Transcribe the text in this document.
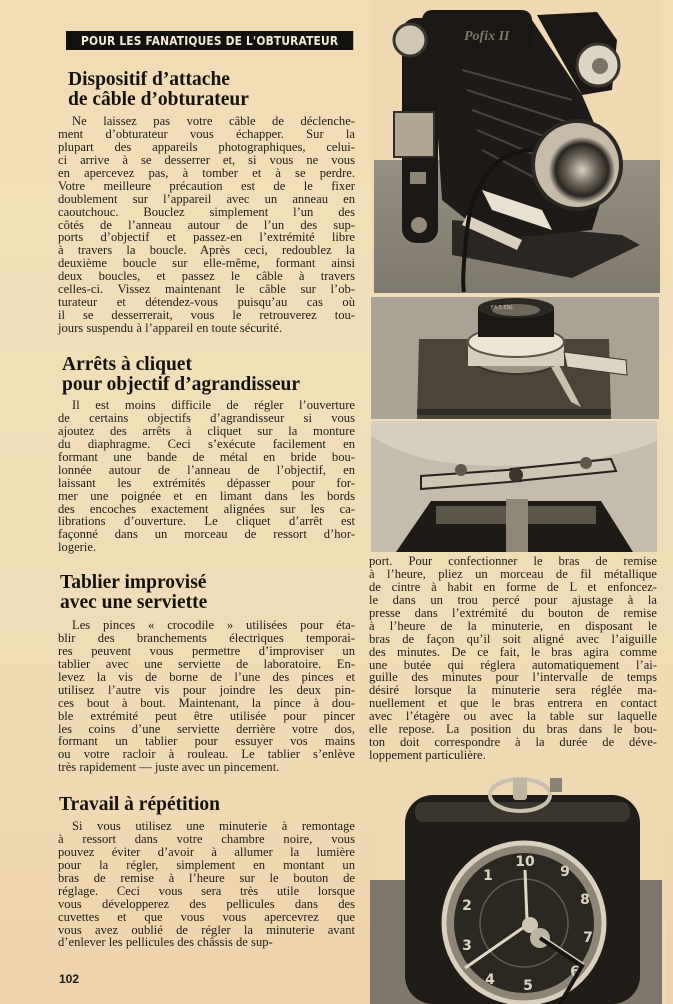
POUR LES FANATIQUES DE L'OBTURATEUR
Dispositif d’attache
de câble d’obturateur
Ne laissez pas votre câble de déclenche-
ment d’obturateur vous échapper. Sur la
plupart des appareils photographiques, celui-
ci arrive à se desserrer et, si vous ne vous
en apercevez pas, à tomber et à se perdre.
Votre meilleure précaution est de le fixer
doublement sur l’appareil avec un anneau en
caoutchouc. Bouclez simplement l’un des
côtés de l’anneau autour de l’un des sup-
ports d’objectif et passez-en l’extrémité libre
à travers la boucle. Après ceci, redoublez la
deuxième boucle sur elle-même, formant ainsi
deux boucles, et passez le câble à travers
celles-ci. Vissez maintenant le câble sur l’ob-
turateur et détendez-vous puisqu’au cas où
il se desserrerait, vous le retrouverez tou-
jours suspendu à l’appareil en toute sécurité.
Arrêts à cliquet
pour objectif d’agrandisseur
Il est moins difficile de régler l’ouverture
de certains objectifs d’agrandisseur si vous
ajoutez des arrêts à cliquet sur la monture
du diaphragme. Ceci s’exécute facilement en
formant une bande de métal en bride bou-
lonnée autour de l’anneau de l’objectif, en
laissant les extrémités dépasser pour for-
mer une poignée et en limant dans les bords
des encoches exactement alignées sur les ca-
librations d’ouverture. Le cliquet d’arrêt est
façonné dans un morceau de ressort d’hor-
logerie.
Tablier improvisé
avec une serviette
Les pinces « crocodile » utilisées pour éta-
blir des branchements électriques temporai-
res peuvent vous permettre d’improviser un
tablier avec une serviette de laboratoire. En-
levez la vis de borne de l’une des pinces et
utilisez l’autre vis pour joindre les deux pin-
ces bout à bout. Maintenant, la pince à dou-
ble extrémité peut être utilisée pour pincer
les coins d’une serviette derrière votre dos,
formant un tablier pour essuyer vos mains
ou votre racloir à rouleau. Le tablier s’enlève
très rapidement — juste avec un pincement.
Travail à répétition
Si vous utilisez une minuterie à remontage
à ressort dans votre chambre noire, vous
pouvez éviter d’avoir à allumer la lumière
pour la régler, simplement en montant un
bras de remise à l’heure sur le bouton de
réglage. Ceci vous sera très utile lorsque
vous développerez des pellicules dans des
cuvettes et que vous vous apercevrez que
vous avez oublié de régler la minuterie avant
d’enlever les pellicules des châssis de sup-
port. Pour confectionner le bras de remise
à l’heure, pliez un morceau de fil métallique
de cintre à habit en forme de L et enfoncez-
le dans un trou percé pour ajustage à la
presse dans l’extrémité du bouton de remise
à l’heure de la minuterie, en disposant le
bras de façon qu’il soit aligné avec l’aiguille
des minutes. De ce fait, le bras agira comme
une butée qui réglera automatiquement l’ai-
guille des minutes pour l’intervalle de temps
désiré lorsque la minuterie sera réglée ma-
nuellement et que le bras entrera en contact
avec l’étagère ou avec la table sur laquelle
elle repose. La position du bras dans le bou-
ton doit correspondre à la durée de déve-
loppement particulière.
102
Pofix II
F4.5 ENL
10
9
8
7
6
5
4
3
2
1
